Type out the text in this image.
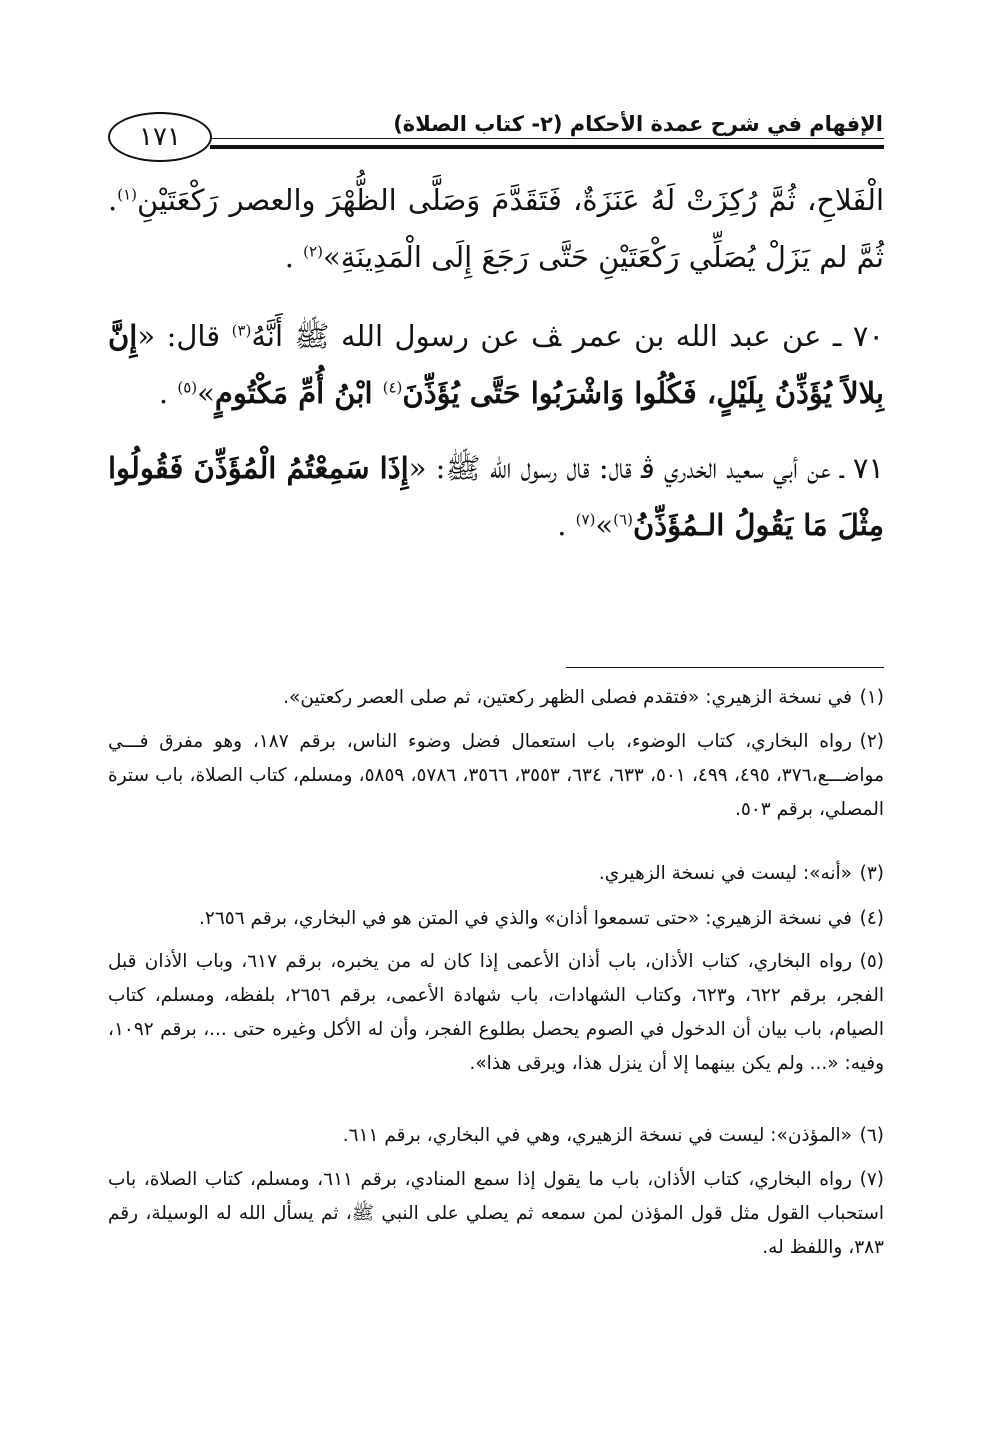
١٧١	الإفهام في شرح عمدة الأحكام (٢- كتاب الصلاة)
الْفَلاحِ، ثُمَّ رُكِزَتْ لَهُ عَنَزَةٌ، فَتَقَدَّمَ وَصَلَّى الظُّهْرَ والعصر رَكْعَتَيْنِ$^{(١)}$. ثُمَّ لم يَزَلْ يُصَلِّي رَكْعَتَيْنِ حَتَّى رَجَعَ إِلَى الْمَدِينَةِ»$^{(٢)}$ .
٧٠ ـ عن عبد الله بن عمر ﭫ عن رسول الله ﷺ أَنَّهُ$^{(٣)}$ قال: «إِنَّ بِلالاً يُؤَذِّنُ بِلَيْلٍ، فَكُلُوا وَاشْرَبُوا حَتَّى يُؤَذِّنَ$^{(٤)}$ ابْنُ أُمِّ مَكْتُومٍ»$^{(٥)}$ .
٧١ ـ عن أبي سعيد الخدري ﭬ قال: قال رسول الله ﷺ: «إِذَا سَمِعْتُمُ الْمُؤَذِّنَ فَقُولُوا مِثْلَ مَا يَقُولُ الـمُؤَذِّنُ$^{(٦)}$»$^{(٧)}$ .
(١)في نسخة الزهيري: «فتقدم فصلى الظهر ركعتين، ثم صلى العصر ركعتين».
(٢)رواه البخاري، كتاب الوضوء، باب استعمال فضل وضوء الناس، برقم ١٨٧، وهو مفرق فـــي مواضـــع،٣٧٦، ٤٩٥، ٤٩٩، ٥٠١، ٦٣٣، ٦٣٤، ٣٥٥٣، ٣٥٦٦، ٥٧٨٦، ٥٨٥٩، ومسلم، كتاب الصلاة، باب سترة المصلي، برقم ٥٠٣.
(٣)«أنه»: ليست في نسخة الزهيري.
(٤)في نسخة الزهيري: «حتى تسمعوا أذان» والذي في المتن هو في البخاري، برقم ٢٦٥٦.
(٥)رواه البخاري، كتاب الأذان، باب أذان الأعمى إذا كان له من يخبره، برقم ٦١٧، وباب الأذان قبل الفجر، برقم ٦٢٢، و٦٢٣، وكتاب الشهادات، باب شهادة الأعمى، برقم ٢٦٥٦، بلفظه، ومسلم، كتاب الصيام، باب بيان أن الدخول في الصوم يحصل بطلوع الفجر، وأن له الأكل وغيره حتى ...، برقم ١٠٩٢، وفيه: «... ولم يكن بينهما إلا أن ينزل هذا، ويرقى هذا».
(٦)«المؤذن»: ليست في نسخة الزهيري، وهي في البخاري، برقم ٦١١.
(٧)رواه البخاري، كتاب الأذان، باب ما يقول إذا سمع المنادي، برقم ٦١١، ومسلم، كتاب الصلاة، باب استحباب القول مثل قول المؤذن لمن سمعه ثم يصلي على النبي ﷺ، ثم يسأل الله له الوسيلة، رقم ٣٨٣، واللفظ له.
